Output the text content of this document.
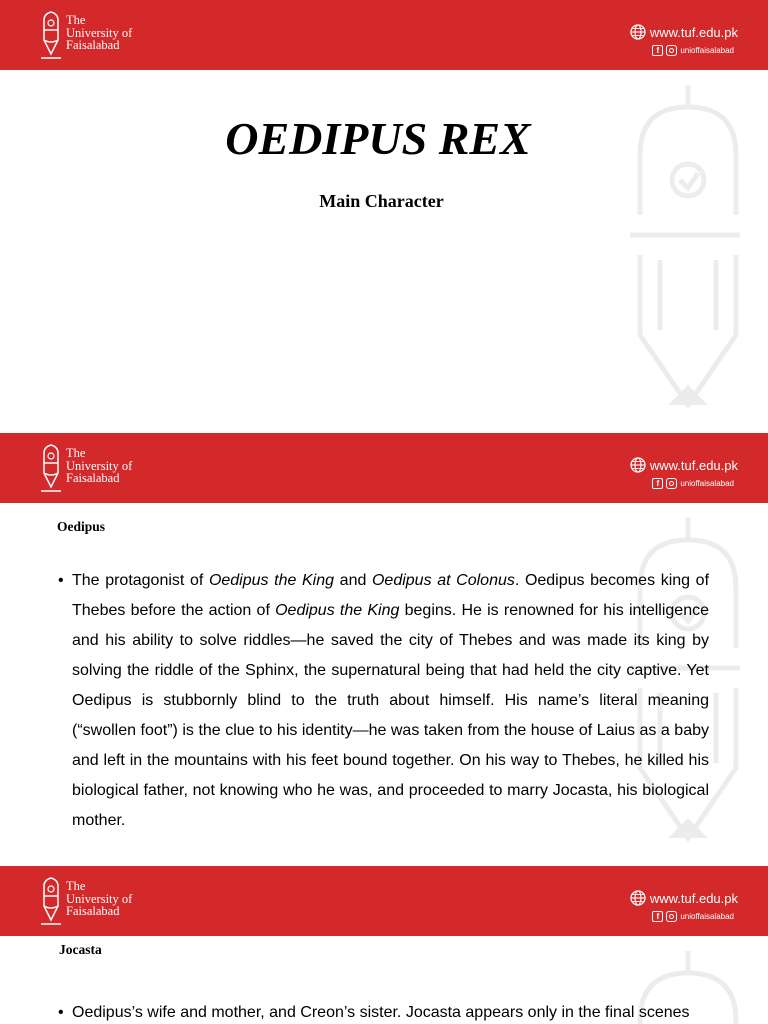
The
University of
Faisalabad
www.tuf.edu.pk
f	unioffaisalabad
OEDIPUS REX
Main Character
The
University of
Faisalabad
www.tuf.edu.pk
f	unioffaisalabad
Oedipus
• The protagonist of Oedipus the King and Oedipus at Colonus. Oedipus becomes king of Thebes before the action of Oedipus the King begins. He is renowned for his intelligence and his ability to solve riddles—he saved the city of Thebes and was made its king by solving the riddle of the Sphinx, the supernatural being that had held the city captive. Yet Oedipus is stubbornly blind to the truth about himself. His name’s literal meaning (“swollen foot”) is the clue to his identity—he was taken from the house of Laius as a baby and left in the mountains with his feet bound together. On his way to Thebes, he killed his biological father, not knowing who he was, and proceeded to marry Jocasta, his biological mother.
The
University of
Faisalabad
www.tuf.edu.pk
f	unioffaisalabad
Jocasta
• Oedipus’s wife and mother, and Creon’s sister. Jocasta appears only in the final scenes
